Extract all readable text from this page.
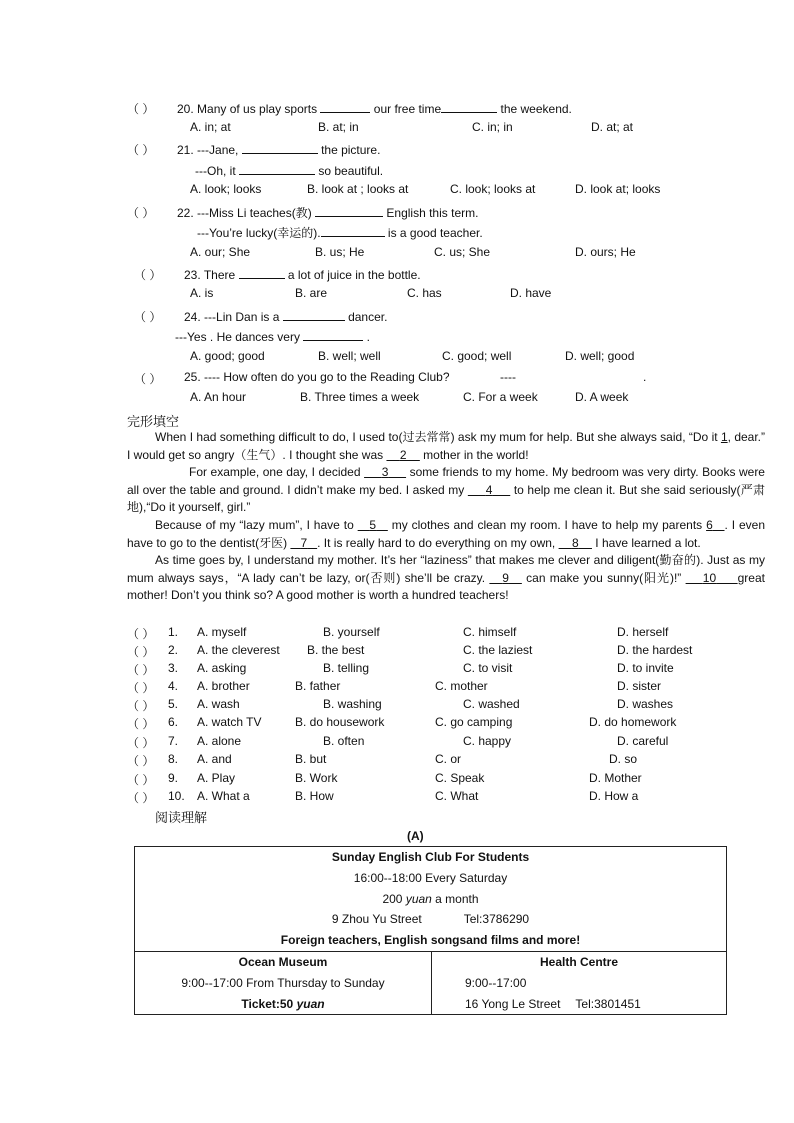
（ ） 20. Many of us play sports	our free time	the weekend.
A. in; at	B. at; in	C. in; in	D. at; at
（ ） 21. ---Jane,	the picture.
---Oh, it	so beautiful.
A. look; looks	B. look at ; looks at	C. look; looks at	D. look at; looks
（ ） 22. ---Miss Li teaches(教)	English this term.
---You’re lucky(幸运的).	is a good teacher.
A. our; She	B. us; He	C. us; She	D. ours; He
（ ） 23. There	a lot of juice in the bottle.
A. is	B. are	C. has	D. have
（ ） 24. ---Lin Dan is a	dancer.
---Yes . He dances very	.
A. good; good	B. well; well	C. good; well	D. well; good
（ ） 25. ---- How often do you go to the Reading Club?	----	.
A. An hour	B. Three times a week	C. For a week	D. A week
完形填空

When I had something difficult to do, I used to(过去常常) ask my mum for help. But she always said, “Do it 1, dear.” I would get so angry（生气）. I thought she was     2     mother in the world!

For example, one day, I decided      3      some friends to my home. My bedroom was very dirty. Books were all over the table and ground. I didn’t make my bed. I asked my      4      to help me clean it. But she said seriously(严肃地),“Do it yourself, girl.”

Because of my “lazy mum”, I have to    5    my clothes and clean my room. I have to help my parents 6 . I even have to go to the dentist(牙医)    7 . It is really hard to do everything on my own,     8     I have learned a lot.

As time goes by, I understand my mother. It’s her “laziness” that makes me clever and diligent(勤奋的). Just as my mum always says，“A lady can’t be lazy, or(否则) she’ll be crazy.    9    can make you sunny(阳光)!”     10 great mother! Don’t you think so? A good mother is worth a hundred teachers!

（ ） 1. A. myself	B. yourself	C. himself	D. herself
（ ） 2. A. the cleverest B. the best	C. the laziest	D. the hardest
（ ） 3. A. asking	B. telling	C. to visit	D. to invite
（ ） 4. A. brother	B. father	C. mother	D. sister
（ ） 5. A. wash	B. washing	C. washed	D. washes
（ ） 6. A. watch TV	B. do housework	C. go camping	D. do homework
（ ） 7. A. alone	B. often	C. happy	D. careful
（ ） 8. A. and	B. but	C. or	D. so
（ ） 9. A. Play	B. Work	C. Speak	D. Mother
（ ） 10. A. What a	B. How	C. What	D. How a
阅读理解
(A)
Sunday English Club For Students
16:00--18:00 Every Saturday
200 yuan a month
9 Zhou Yu Street	Tel:3786290
Foreign teachers, English songsand films and more!

Ocean Museum
9:00--17:00 From Thursday to Sunday
Ticket:50 yuan

Health Centre
9:00--17:00
16 Yong Le Street Tel:3801451
